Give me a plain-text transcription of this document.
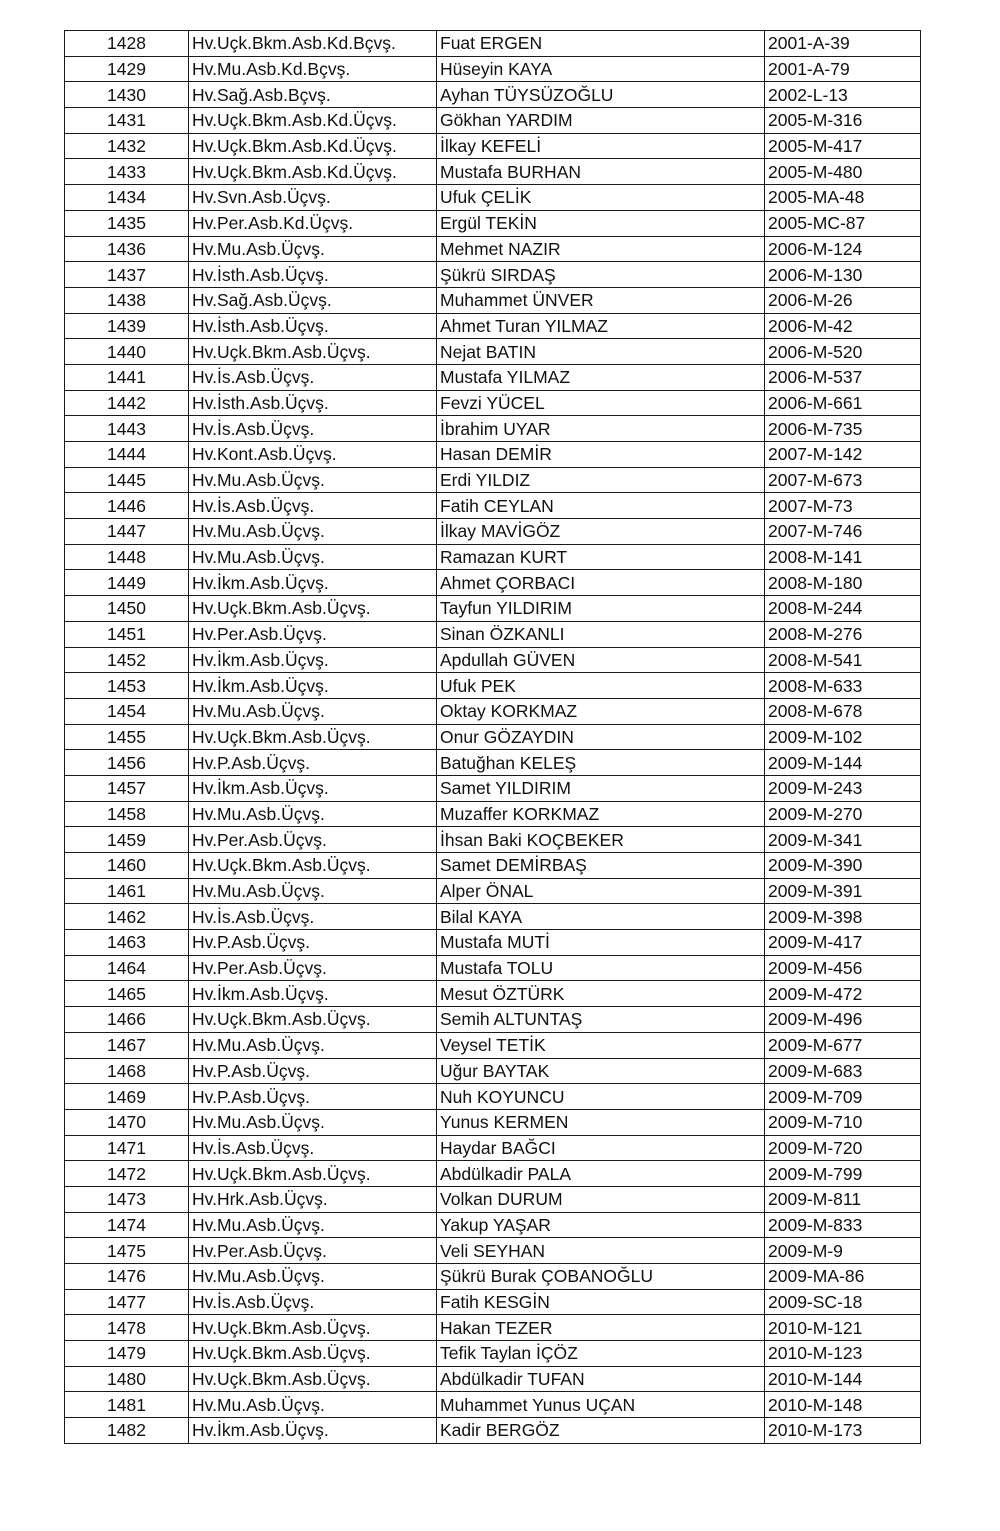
1428	Hv.Uçk.Bkm.Asb.Kd.Bçvş.	Fuat ERGEN	2001-A-39
1429	Hv.Mu.Asb.Kd.Bçvş.	Hüseyin KAYA	2001-A-79
1430	Hv.Sağ.Asb.Bçvş.	Ayhan TÜYSÜZOĞLU	2002-L-13
1431	Hv.Uçk.Bkm.Asb.Kd.Üçvş.	Gökhan YARDIM	2005-M-316
1432	Hv.Uçk.Bkm.Asb.Kd.Üçvş.	İlkay KEFELİ	2005-M-417
1433	Hv.Uçk.Bkm.Asb.Kd.Üçvş.	Mustafa BURHAN	2005-M-480
1434	Hv.Svn.Asb.Üçvş.	Ufuk ÇELİK	2005-MA-48
1435	Hv.Per.Asb.Kd.Üçvş.	Ergül TEKİN	2005-MC-87
1436	Hv.Mu.Asb.Üçvş.	Mehmet NAZIR	2006-M-124
1437	Hv.İsth.Asb.Üçvş.	Şükrü SIRDAŞ	2006-M-130
1438	Hv.Sağ.Asb.Üçvş.	Muhammet ÜNVER	2006-M-26
1439	Hv.İsth.Asb.Üçvş.	Ahmet Turan YILMAZ	2006-M-42
1440	Hv.Uçk.Bkm.Asb.Üçvş.	Nejat BATIN	2006-M-520
1441	Hv.İs.Asb.Üçvş.	Mustafa YILMAZ	2006-M-537
1442	Hv.İsth.Asb.Üçvş.	Fevzi YÜCEL	2006-M-661
1443	Hv.İs.Asb.Üçvş.	İbrahim UYAR	2006-M-735
1444	Hv.Kont.Asb.Üçvş.	Hasan DEMİR	2007-M-142
1445	Hv.Mu.Asb.Üçvş.	Erdi YILDIZ	2007-M-673
1446	Hv.İs.Asb.Üçvş.	Fatih CEYLAN	2007-M-73
1447	Hv.Mu.Asb.Üçvş.	İlkay MAVİGÖZ	2007-M-746
1448	Hv.Mu.Asb.Üçvş.	Ramazan KURT	2008-M-141
1449	Hv.İkm.Asb.Üçvş.	Ahmet ÇORBACI	2008-M-180
1450	Hv.Uçk.Bkm.Asb.Üçvş.	Tayfun YILDIRIM	2008-M-244
1451	Hv.Per.Asb.Üçvş.	Sinan ÖZKANLI	2008-M-276
1452	Hv.İkm.Asb.Üçvş.	Apdullah GÜVEN	2008-M-541
1453	Hv.İkm.Asb.Üçvş.	Ufuk PEK	2008-M-633
1454	Hv.Mu.Asb.Üçvş.	Oktay KORKMAZ	2008-M-678
1455	Hv.Uçk.Bkm.Asb.Üçvş.	Onur GÖZAYDIN	2009-M-102
1456	Hv.P.Asb.Üçvş.	Batuğhan KELEŞ	2009-M-144
1457	Hv.İkm.Asb.Üçvş.	Samet YILDIRIM	2009-M-243
1458	Hv.Mu.Asb.Üçvş.	Muzaffer KORKMAZ	2009-M-270
1459	Hv.Per.Asb.Üçvş.	İhsan Baki KOÇBEKER	2009-M-341
1460	Hv.Uçk.Bkm.Asb.Üçvş.	Samet DEMİRBAŞ	2009-M-390
1461	Hv.Mu.Asb.Üçvş.	Alper ÖNAL	2009-M-391
1462	Hv.İs.Asb.Üçvş.	Bilal KAYA	2009-M-398
1463	Hv.P.Asb.Üçvş.	Mustafa MUTİ	2009-M-417
1464	Hv.Per.Asb.Üçvş.	Mustafa TOLU	2009-M-456
1465	Hv.İkm.Asb.Üçvş.	Mesut ÖZTÜRK	2009-M-472
1466	Hv.Uçk.Bkm.Asb.Üçvş.	Semih ALTUNTAŞ	2009-M-496
1467	Hv.Mu.Asb.Üçvş.	Veysel TETİK	2009-M-677
1468	Hv.P.Asb.Üçvş.	Uğur BAYTAK	2009-M-683
1469	Hv.P.Asb.Üçvş.	Nuh KOYUNCU	2009-M-709
1470	Hv.Mu.Asb.Üçvş.	Yunus KERMEN	2009-M-710
1471	Hv.İs.Asb.Üçvş.	Haydar BAĞCI	2009-M-720
1472	Hv.Uçk.Bkm.Asb.Üçvş.	Abdülkadir PALA	2009-M-799
1473	Hv.Hrk.Asb.Üçvş.	Volkan DURUM	2009-M-811
1474	Hv.Mu.Asb.Üçvş.	Yakup YAŞAR	2009-M-833
1475	Hv.Per.Asb.Üçvş.	Veli SEYHAN	2009-M-9
1476	Hv.Mu.Asb.Üçvş.	Şükrü Burak ÇOBANOĞLU	2009-MA-86
1477	Hv.İs.Asb.Üçvş.	Fatih KESGİN	2009-SC-18
1478	Hv.Uçk.Bkm.Asb.Üçvş.	Hakan TEZER	2010-M-121
1479	Hv.Uçk.Bkm.Asb.Üçvş.	Tefik Taylan İÇÖZ	2010-M-123
1480	Hv.Uçk.Bkm.Asb.Üçvş.	Abdülkadir TUFAN	2010-M-144
1481	Hv.Mu.Asb.Üçvş.	Muhammet Yunus UÇAN	2010-M-148
1482	Hv.İkm.Asb.Üçvş.	Kadir BERGÖZ	2010-M-173
